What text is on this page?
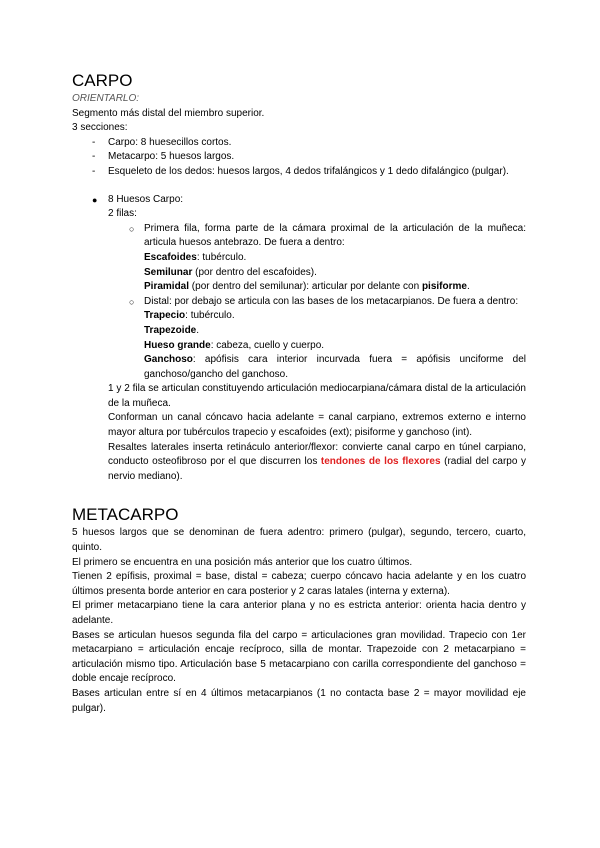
CARPO
ORIENTARLO:
Segmento más distal del miembro superior.
3 secciones:
- Carpo: 8 huesecillos cortos.
- Metacarpo: 5 huesos largos.
- Esqueleto de los dedos: huesos largos, 4 dedos trifalángicos y 1 dedo difalángico (pulgar).
● 8 Huesos Carpo:
2 filas:
○ Primera fila, forma parte de la cámara proximal de la articulación de la muñeca: articula huesos antebrazo. De fuera a dentro:
Escafoides: tubérculo.
Semilunar (por dentro del escafoides).
Piramidal (por dentro del semilunar): articular por delante con pisiforme.
○ Distal: por debajo se articula con las bases de los metacarpianos. De fuera a dentro:
Trapecio: tubérculo.
Trapezoide.
Hueso grande: cabeza, cuello y cuerpo.
Ganchoso: apófisis cara interior incurvada fuera = apófisis unciforme del ganchoso/gancho del ganchoso.
1 y 2 fila se articulan constituyendo articulación mediocarpiana/cámara distal de la articulación de la muñeca.
Conforman un canal cóncavo hacia adelante = canal carpiano, extremos externo e interno mayor altura por tubérculos trapecio y escafoides (ext); pisiforme y ganchoso (int).
Resaltes laterales inserta retináculo anterior/flexor: convierte canal carpo en túnel carpiano, conducto osteofibroso por el que discurren los tendones de los flexores (radial del carpo y nervio mediano).
METACARPO
5 huesos largos que se denominan de fuera adentro: primero (pulgar), segundo, tercero, cuarto, quinto.
El primero se encuentra en una posición más anterior que los cuatro últimos.
Tienen 2 epífisis, proximal = base, distal = cabeza; cuerpo cóncavo hacia adelante y en los cuatro últimos presenta borde anterior en cara posterior y 2 caras latales (interna y externa).
El primer metacarpiano tiene la cara anterior plana y no es estricta anterior: orienta hacia dentro y adelante.
Bases se articulan huesos segunda fila del carpo = articulaciones gran movilidad. Trapecio con 1er metacarpiano = articulación encaje recíproco, silla de montar. Trapezoide con 2 metacarpiano = articulación mismo tipo. Articulación base 5 metacarpiano con carilla correspondiente del ganchoso = doble encaje recíproco.
Bases articulan entre sí en 4 últimos metacarpianos (1 no contacta base 2 = mayor movilidad eje pulgar).
